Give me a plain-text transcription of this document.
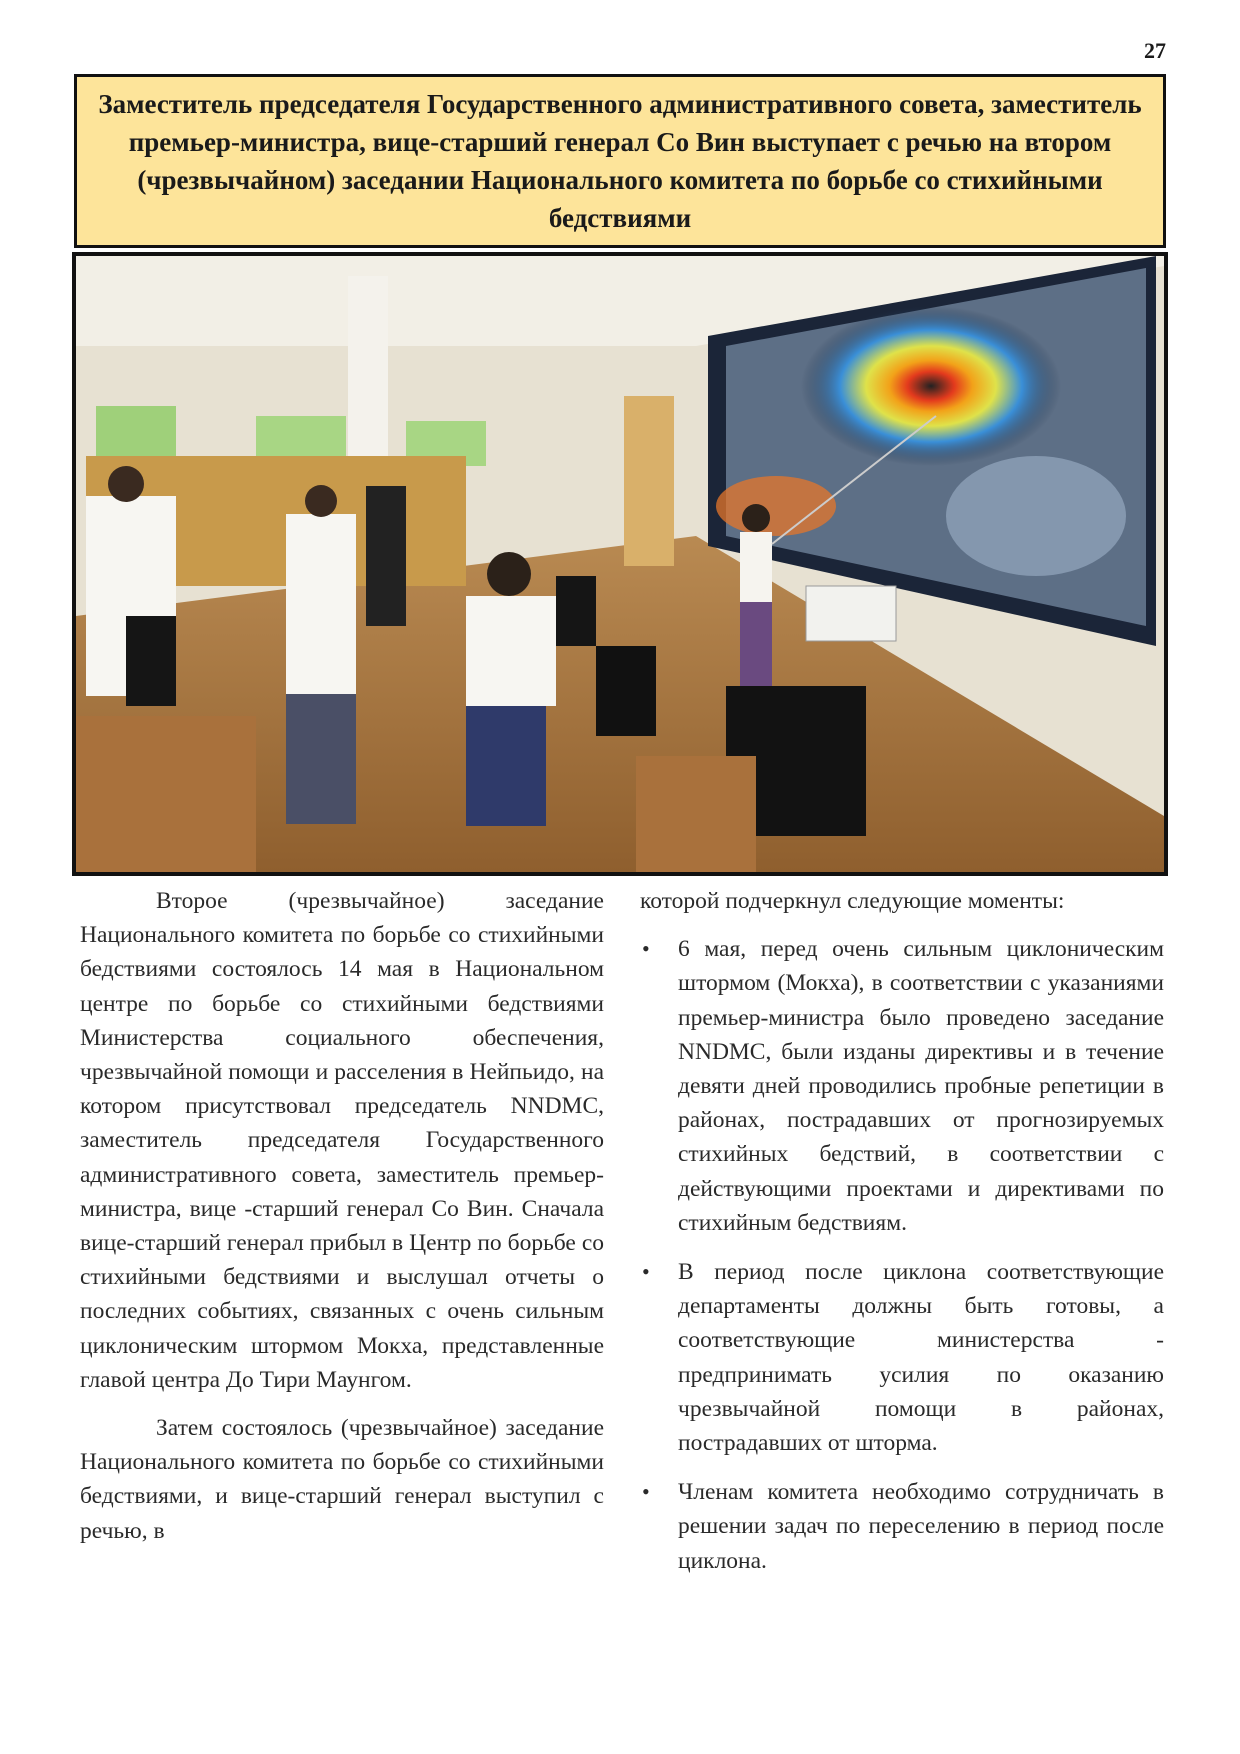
27
Заместитель председателя Государственного административного совета, заместитель премьер-министра, вице-старший генерал Со Вин выступает с речью на втором (чрезвычайном) заседании Национального комитета по борьбе со стихийными бедствиями

Второе (чрезвычайное) заседание Национального комитета по борьбе со стихийными бедствиями состоялось 14 мая в Национальном центре по борьбе со стихийными бедствиями Министерства социального обеспечения, чрезвычайной помощи и расселения в Нейпьидо, на котором присутствовал председатель NNDMC, заместитель председателя Государственного административного совета, заместитель премьер-министра, вице -старший генерал Со Вин. Сначала вице-старший генерал прибыл в Центр по борьбе со стихийными бедствиями и выслушал отчеты о последних событиях, связанных с очень сильным циклоническим штормом Мокха, представленные главой центра До Тири Маунгом.

Затем состоялось (чрезвычайное) заседание Национального комитета по борьбе со стихийными бедствиями, и вице-старший генерал выступил с речью, в

которой подчеркнул следующие моменты:

• 6 мая, перед очень сильным циклоническим штормом (Мокха), в соответствии с указаниями премьер-министра было проведено заседание NNDMC, были изданы директивы и в течение девяти дней проводились пробные репетиции в районах, пострадавших от прогнозируемых стихийных бедствий, в соответствии с действующими проектами и директивами по стихийным бедствиям.
• В период после циклона соответствующие департаменты должны быть готовы, а соответствующие министерства - предпринимать усилия по оказанию чрезвычайной помощи в районах, пострадавших от шторма.
• Членам комитета необходимо сотрудничать в решении задач по переселению в период после циклона.
